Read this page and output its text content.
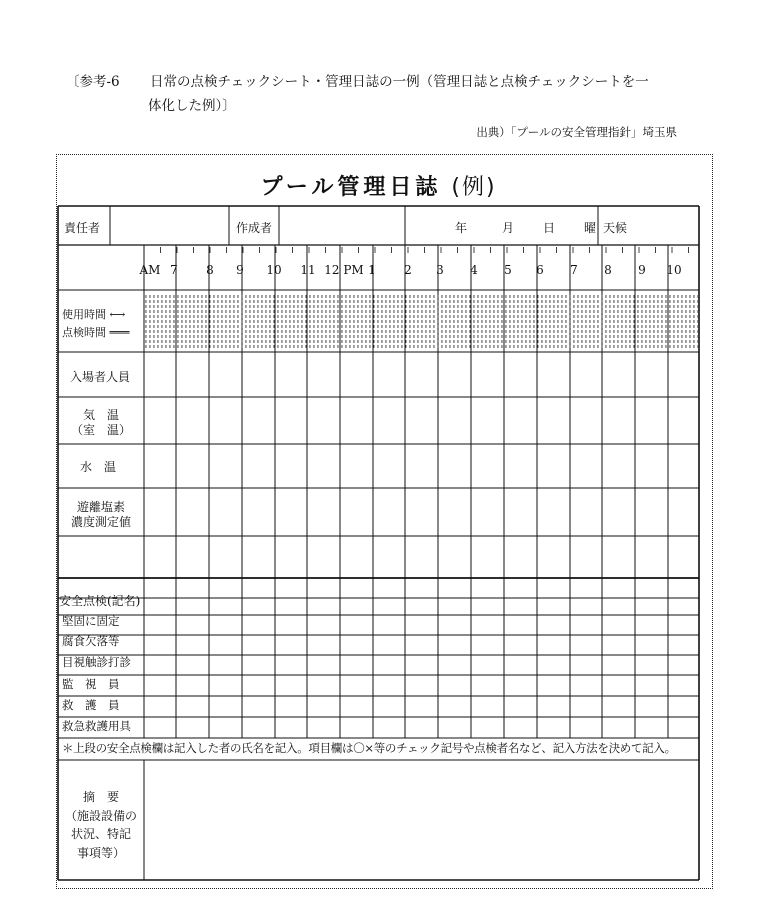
〔参考-6 日常の点検チェックシート・管理日誌の一例（管理日誌と点検チェックシートを一
体化した例）〕
出典）「プールの安全管理指針」埼玉県
プール管理日誌 (例)
責任者	作成者	年	月 日 曜 天候
AM 7	8	9	10	11 12 PM 1	2	3	4	5	6	7	8	9	10
使用時間 ⟷
点検時間 ═══
入場者人員
気　温
（室　温）
水　温
遊離塩素
濃度測定値
安全点検(記名)
堅固に固定
腐食欠落等
目視触診打診
監　視　員
救　護　員
救急救護用具
＊上段の安全点検欄は記入した者の氏名を記入。項目欄は〇×等のチェック記号や点検者名など、記入方法を決めて記入。
摘　要
（施設設備の
状況、特記
事項等）
